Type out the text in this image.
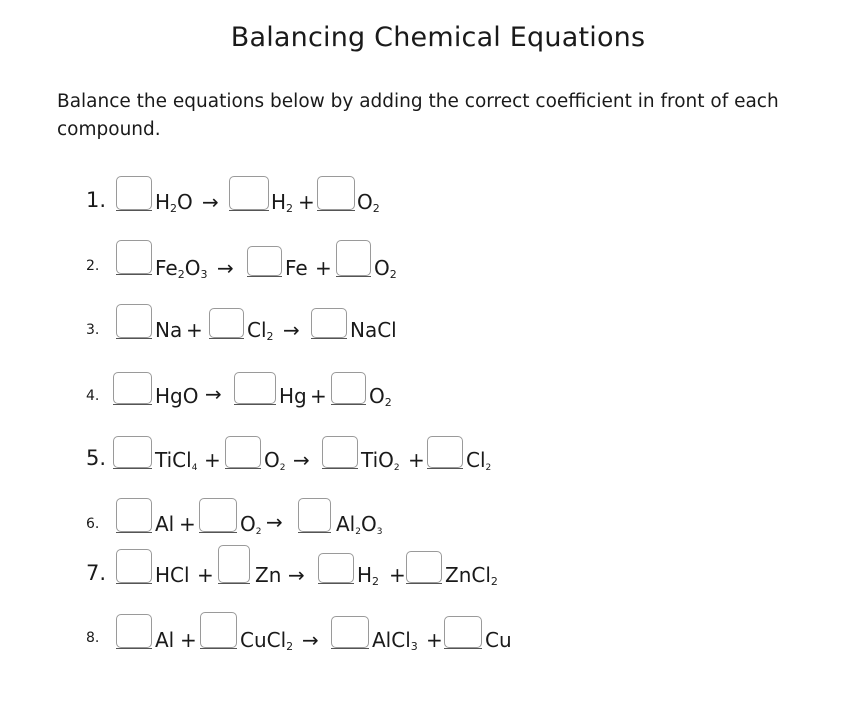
Balancing Chemical Equations
Balance the equations below by adding the correct coefficient in front of each compound.
1. $H_2O$ →	$H_2 + O_2$
2.	$Fe_2O_3$ →	$Fe + O_2$
3.	$Na + Cl_2$ →	NaCl
4.	HgO →	$Hg + O_2$
5. TiCl$_4$ + $O_2$ →	$TiO_2 + Cl_2$
6.	$Al + O_2$ →	$Al_2O_3$
7. HCl + Zn →	$H_2$ + ZnCl$_2$
8.	Al + CuCl$_2$ →	AlCl$_3$ + Cu
